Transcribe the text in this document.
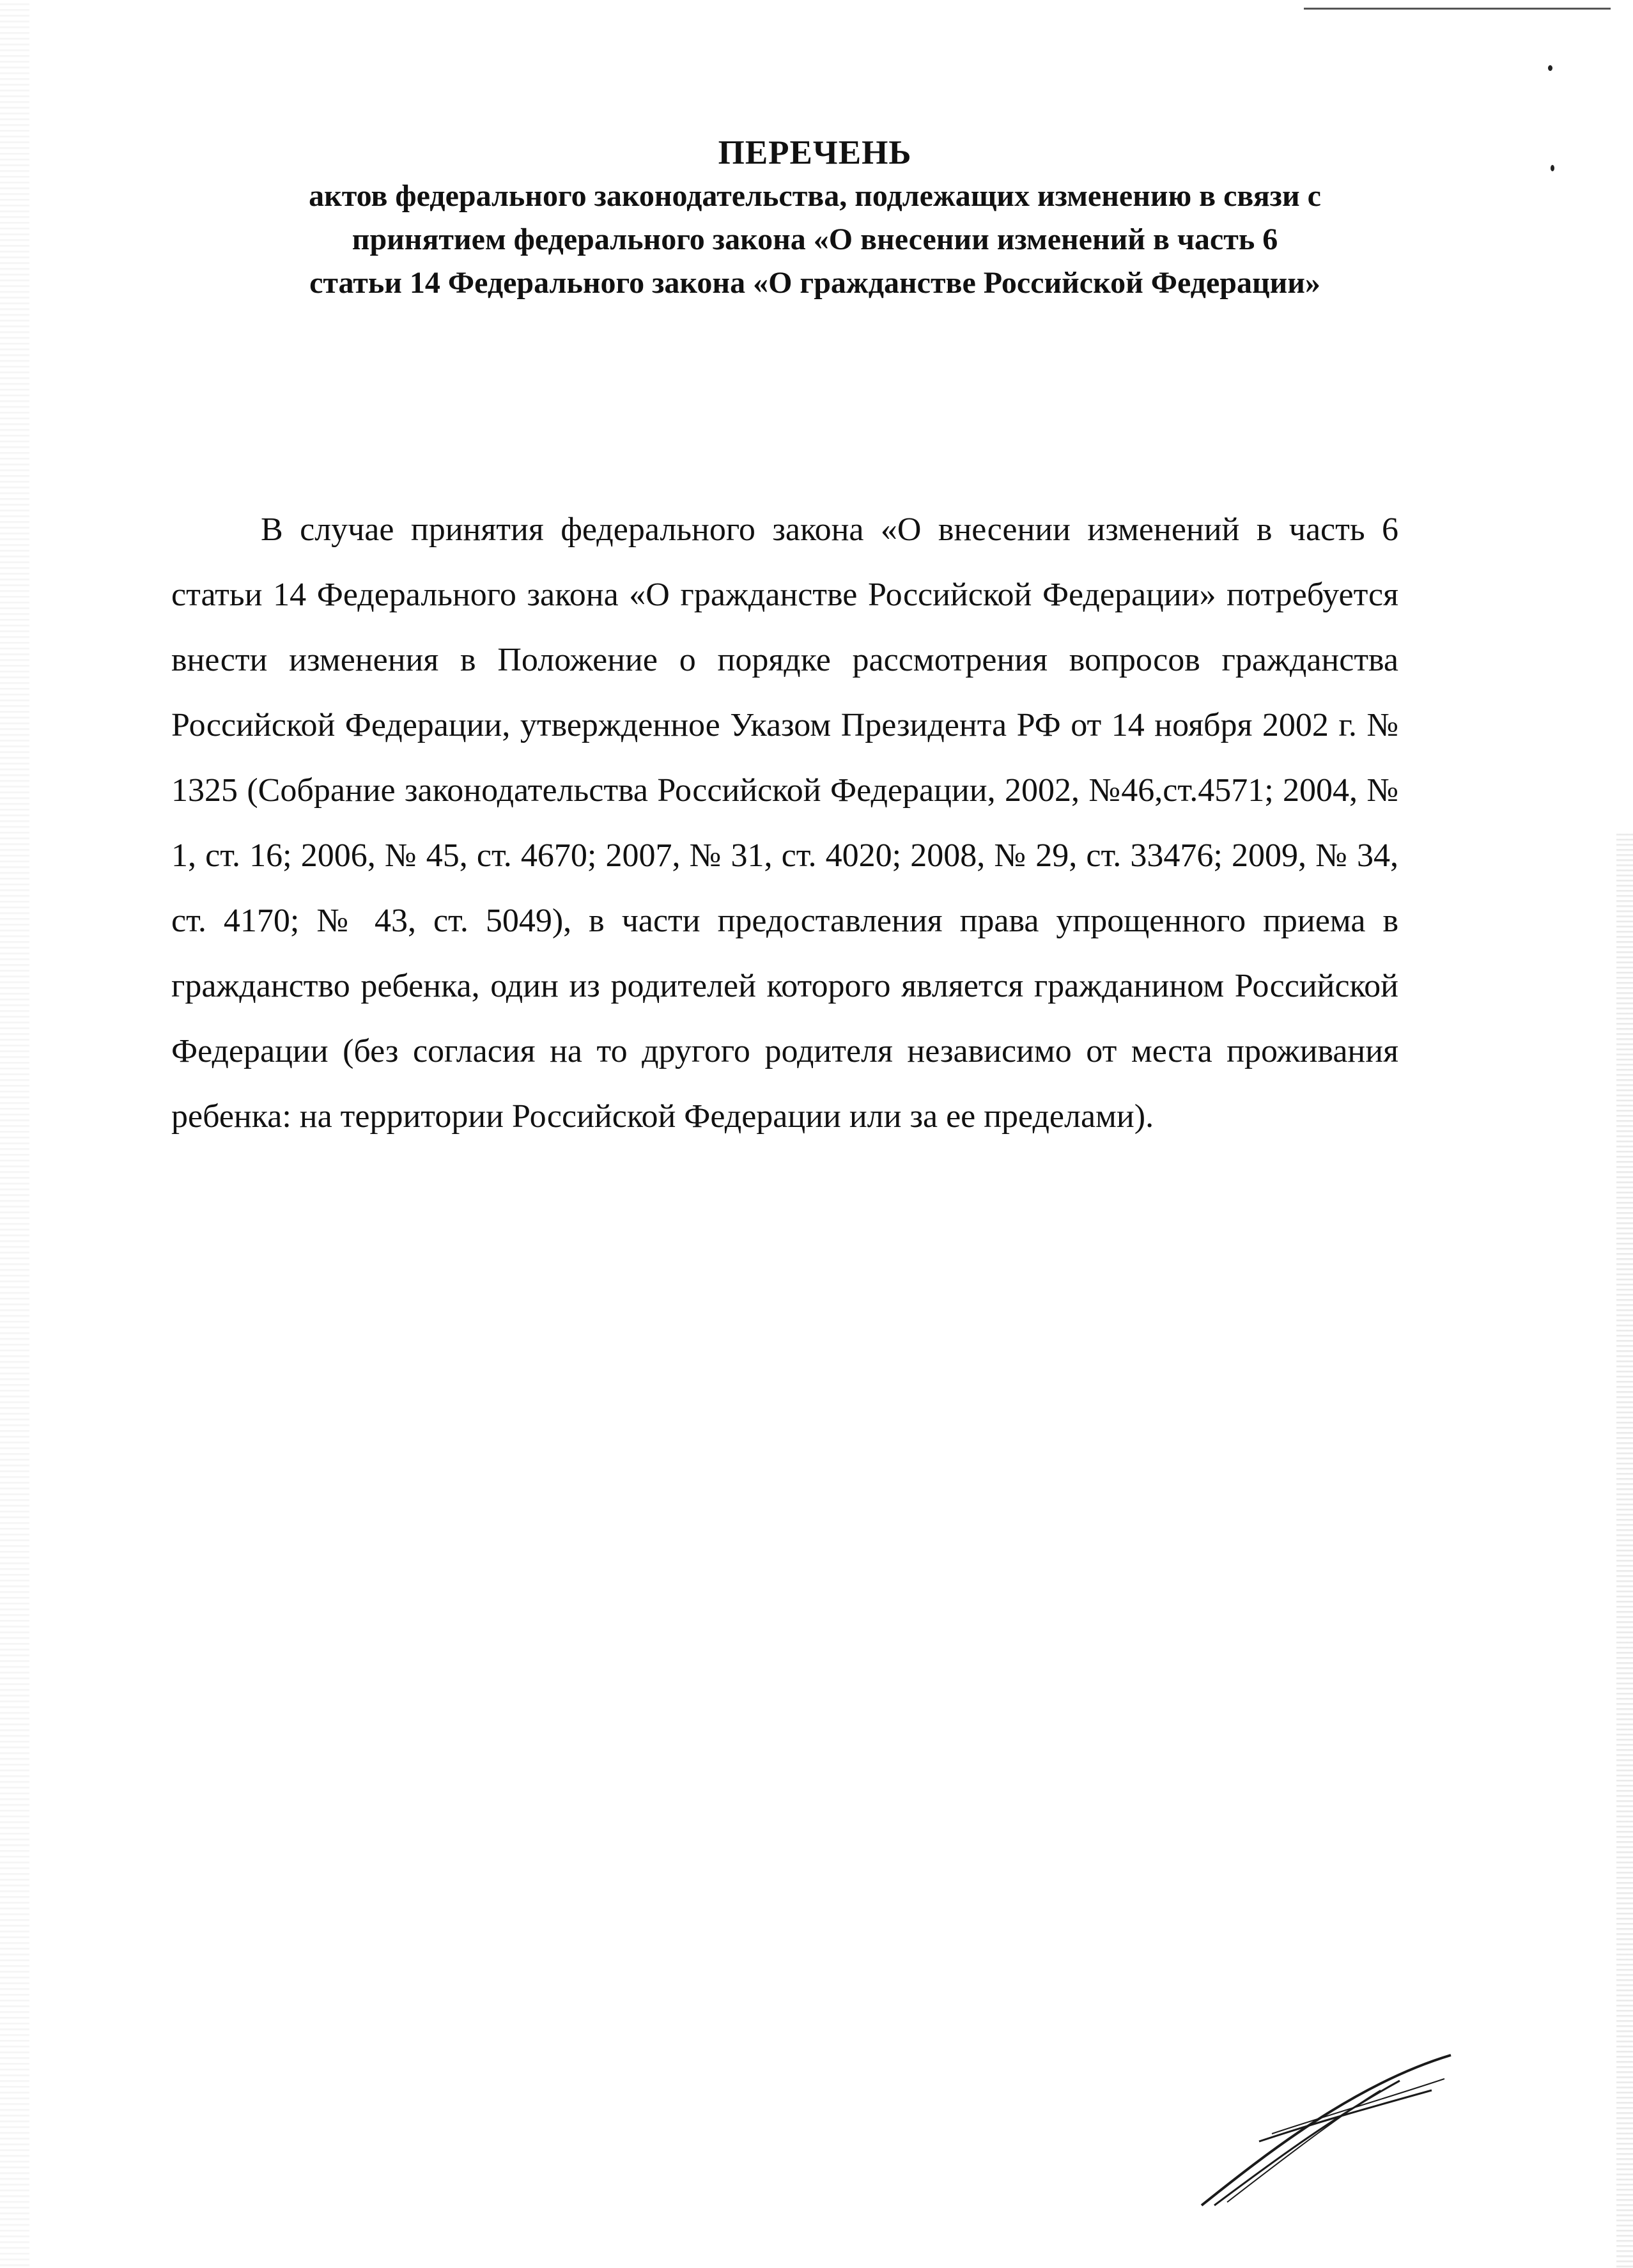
ПЕРЕЧЕНЬ
актов федерального законодательства, подлежащих изменению в связи с
принятием федерального закона «О внесении изменений в часть 6
статьи 14 Федерального закона «О гражданстве Российской Федерации»
В случае принятия федерального закона «О внесении изменений в часть 6 статьи 14 Федерального закона «О гражданстве Российской Федерации» потребуется внести изменения в Положение о порядке рассмотрения вопросов гражданства Российской Федерации, утвержденное Указом Президента РФ от 14 ноября 2002 г. № 1325 (Собрание законодательства Российской Федерации, 2002, №46,ст.4571; 2004, № 1, ст. 16; 2006, № 45, ст. 4670; 2007, № 31, ст. 4020; 2008, № 29, ст. 33476; 2009, № 34, ст. 4170; № 43, ст. 5049), в части предоставления права упрощенного приема в гражданство ребенка, один из родителей которого является гражданином Российской Федерации (без согласия на то другого родителя независимо от места проживания ребенка: на территории Российской Федерации или за ее пределами).
